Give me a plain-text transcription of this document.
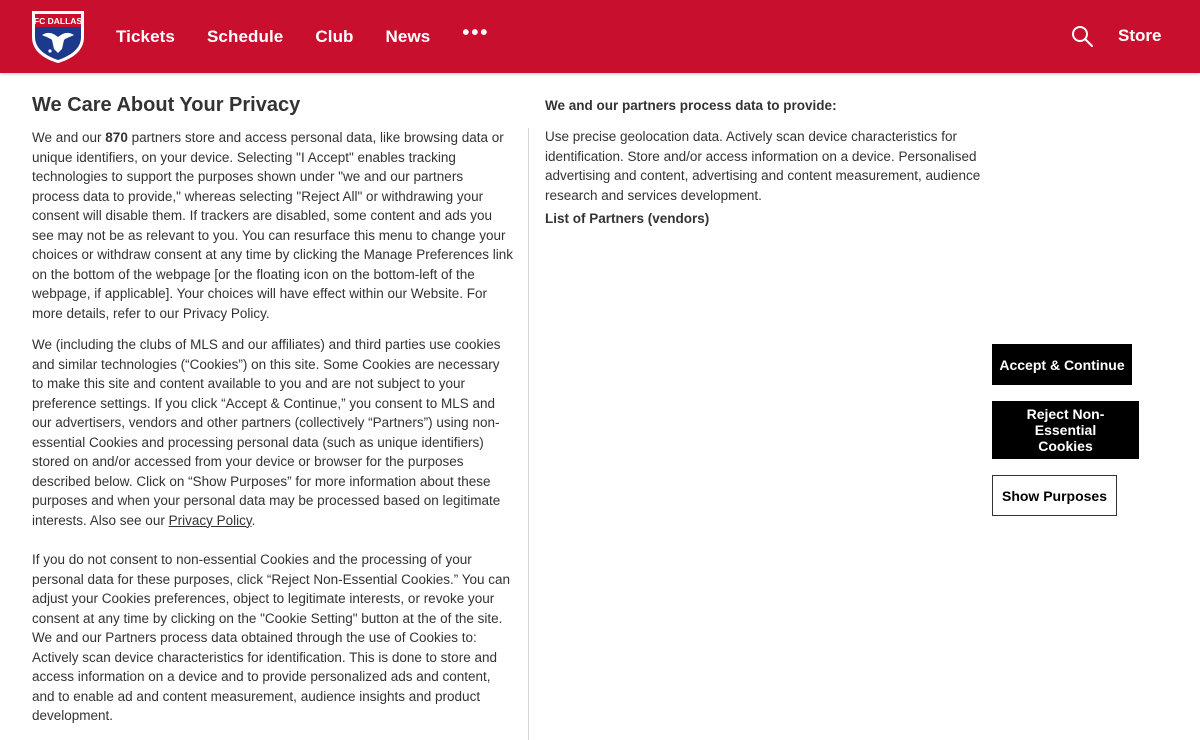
FC DALLAS
Tickets Schedule Club News •••	Store
We Care About Your Privacy

We and our 870 partners store and access personal data, like browsing data or unique identifiers, on your device. Selecting "I Accept" enables tracking technologies to support the purposes shown under "we and our partners process data to provide," whereas selecting "Reject All" or withdrawing your consent will disable them. If trackers are disabled, some content and ads you see may not be as relevant to you. You can resurface this menu to change your choices or withdraw consent at any time by clicking the Manage Preferences link on the bottom of the webpage [or the floating icon on the bottom-left of the webpage, if applicable]. Your choices will have effect within our Website. For more details, refer to our Privacy Policy.

We (including the clubs of MLS and our affiliates) and third parties use cookies and similar technologies (“Cookies”) on this site. Some Cookies are necessary to make this site and content available to you and are not subject to your preference settings. If you click “Accept & Continue,” you consent to MLS and our advertisers, vendors and other partners (collectively “Partners”) using non-essential Cookies and processing personal data (such as unique identifiers) stored on and/or accessed from your device or browser for the purposes described below. Click on “Show Purposes” for more information about these purposes and when your personal data may be processed based on legitimate interests. Also see our Privacy Policy.

If you do not consent to non-essential Cookies and the processing of your personal data for these purposes, click “Reject Non-Essential Cookies.” You can adjust your Cookies preferences, object to legitimate interests, or revoke your consent at any time by clicking on the "Cookie Setting" button at the of the site. We and our Partners process data obtained through the use of Cookies to: Actively scan device characteristics for identification. This is done to store and access information on a device and to provide personalized ads and content, and to enable ad and content measurement, audience insights and product development.

We and our partners process data to provide:

Use precise geolocation data. Actively scan device characteristics for identification. Store and/or access information on a device. Personalised advertising and content, advertising and content measurement, audience research and services development.

List of Partners (vendors)
Accept & Continue
Reject Non-Essential Cookies
Show Purposes
